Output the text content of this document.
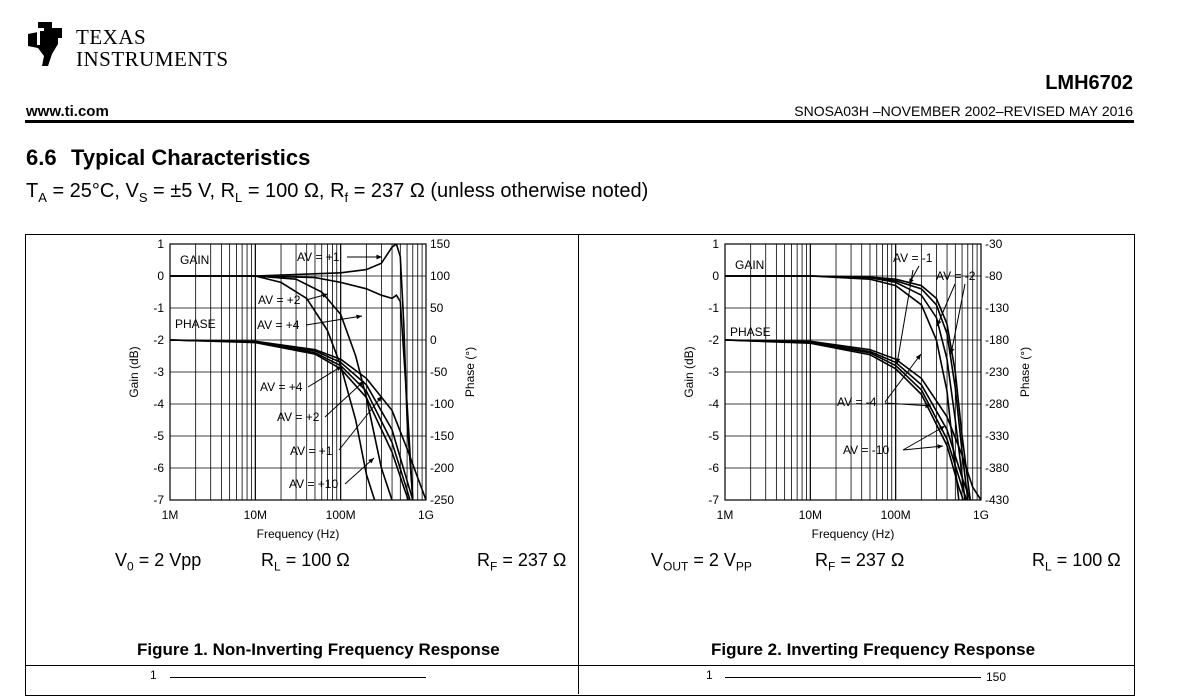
TEXAS
INSTRUMENTS
LMH6702
www.ti.com	SNOSA03H –NOVEMBER 2002–REVISED MAY 2016
6.6 Typical Characteristics
$T_A = 25^\circ C$, $V_S = \pm 5$ V, $R_L = 100$ Ω, $R_f = 237$ Ω (unless otherwise noted)
1
0
-1
-2
-3
-4
-5
-6
-7
150
100
50
0
-50
-100
-150
-200
-250
1M	10M	100M	1G
Frequency (Hz)
Gain (dB)	Phase (°)
GAIN
PHASE
AV = +1
AV = +2
AV = +4
AV = +4
AV = +2
AV = +1
AV = +10
1
0
-1
-2
-3
-4
-5
-6
-7
-30
-80
-130
-180
-230
-280
-330
-380
-430
1M	10M	100M	1G
Frequency (Hz)
Gain (dB)	Phase (°)
GAIN
PHASE
AV = -1
AV = -2
AV = -4
AV = -10
$V_0 = 2$ Vpp	$R_L = 100$ Ω	$R_F = 237$ Ω
Figure 1. Non-Inverting Frequency Response
$V_{OUT} = 2$ $V_{PP}$	$R_F = 237$ Ω	$R_L = 100$ Ω
Figure 2. Inverting Frequency Response
1	1	150
